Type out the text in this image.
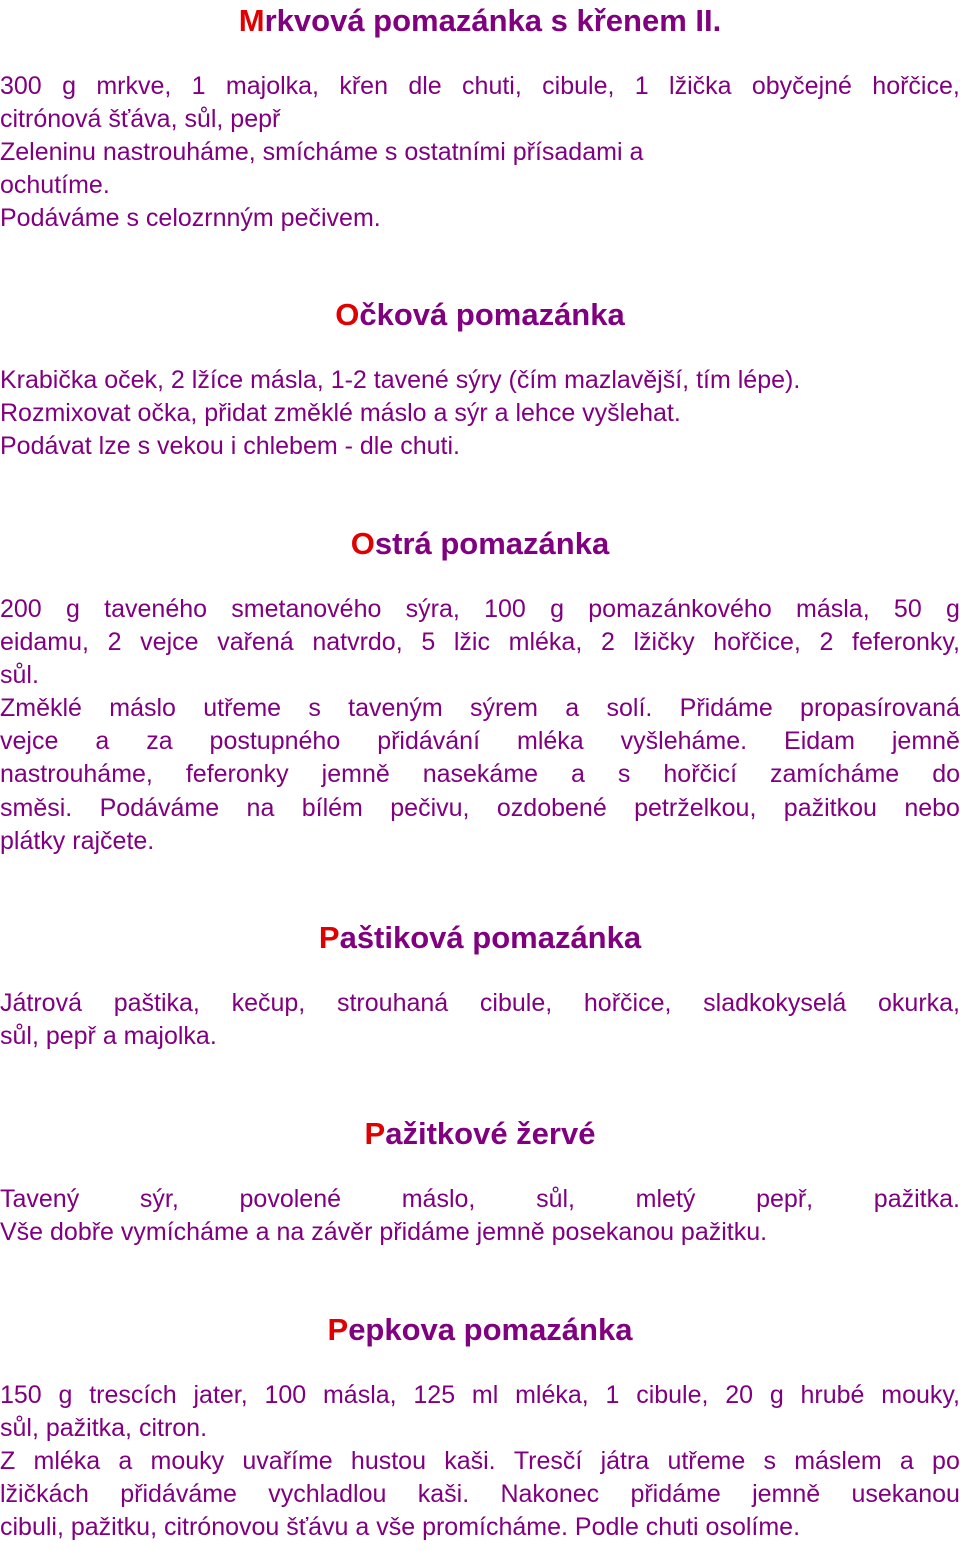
Mrkvová pomazánka s křenem II.
300 g mrkve, 1 majolka, křen dle chuti, cibule, 1 lžička obyčejné hořčice,
citrónová šťáva, sůl, pepř
Zeleninu nastrouháme, smícháme s ostatními přísadami a
ochutíme.
Podáváme s celozrnným pečivem.
Očková pomazánka
Krabička oček, 2 lžíce másla, 1-2 tavené sýry (čím mazlavější, tím lépe).
Rozmixovat očka, přidat změklé máslo a sýr a lehce vyšlehat.
Podávat lze s vekou i chlebem - dle chuti.
Ostrá pomazánka
200 g taveného smetanového sýra, 100 g pomazánkového másla, 50 g
eidamu, 2 vejce vařená natvrdo, 5 lžic mléka, 2 lžičky hořčice, 2 feferonky,
sůl.
Změklé máslo utřeme s taveným sýrem a solí. Přidáme propasírovaná
vejce a za postupného přidávání mléka vyšleháme. Eidam jemně
nastrouháme, feferonky jemně nasekáme a s hořčicí zamícháme do
směsi. Podáváme na bílém pečivu, ozdobené petrželkou, pažitkou nebo
plátky rajčete.
Paštiková pomazánka
Játrová paštika, kečup, strouhaná cibule, hořčice, sladkokyselá okurka,
sůl, pepř a majolka.
Pažitkové žervé
Tavený sýr, povolené máslo, sůl, mletý pepř, pažitka.
Vše dobře vymícháme a na závěr přidáme jemně posekanou pažitku.
Pepkova pomazánka
150 g trescích jater, 100 másla, 125 ml mléka, 1 cibule, 20 g hrubé mouky,
sůl, pažitka, citron.
Z mléka a mouky uvaříme hustou kaši. Tresčí játra utřeme s máslem a po
lžičkách přidáváme vychladlou kaši. Nakonec přidáme jemně usekanou
cibuli, pažitku, citrónovou šťávu a vše promícháme. Podle chuti osolíme.
